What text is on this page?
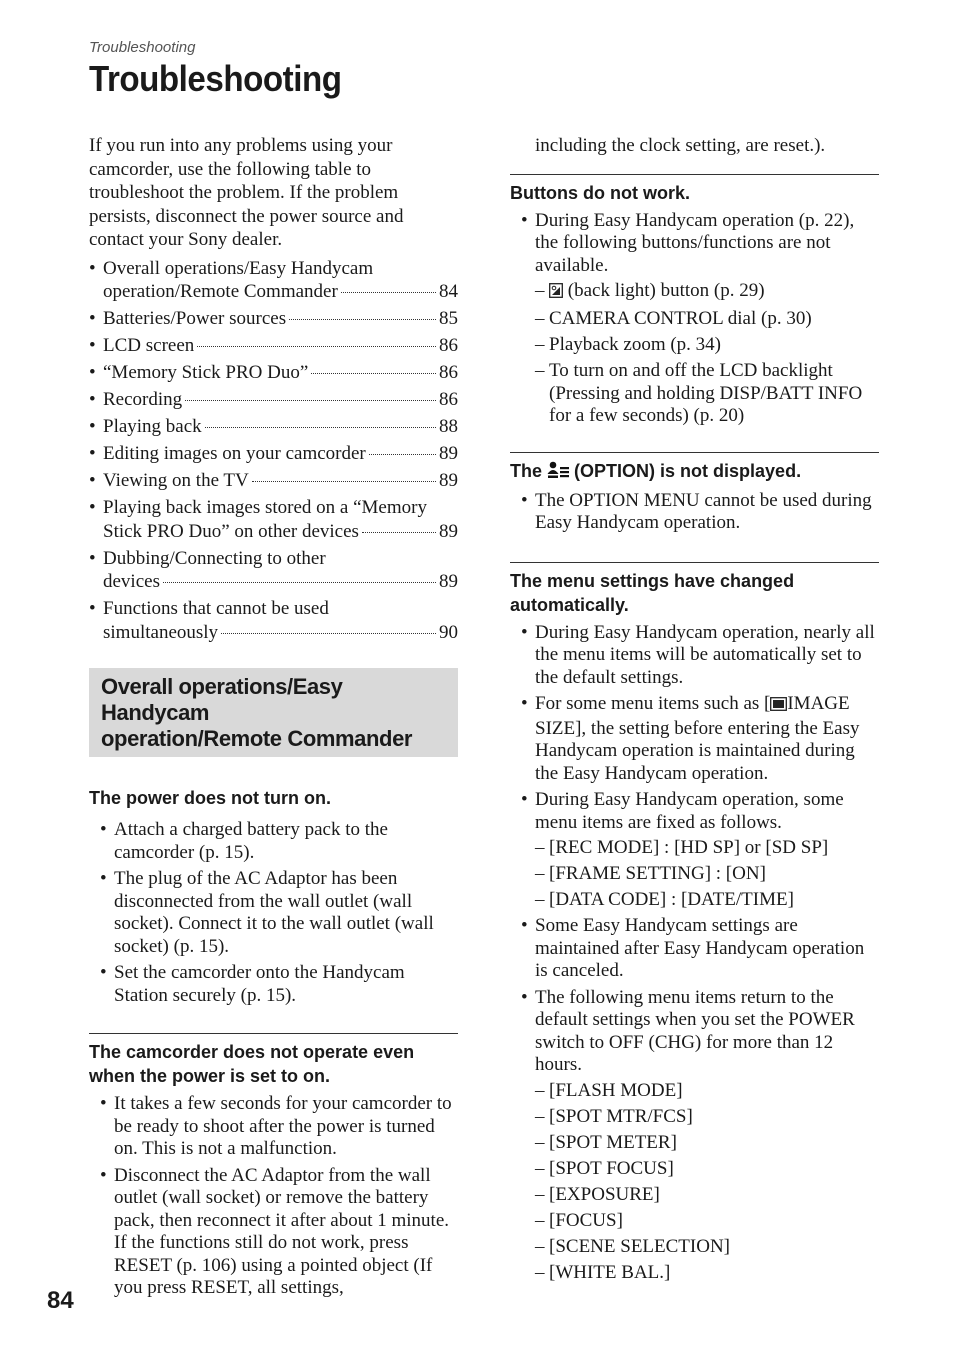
Troubleshooting
Troubleshooting

If you run into any problems using your camcorder, use the following table to troubleshoot the problem. If the problem persists, disconnect the power source and contact your Sony dealer.

• Overall operations/Easy Handycam
operation/Remote Commander	84
• Batteries/Power sources	85
• LCD screen	86
• “Memory Stick PRO Duo”	86
• Recording	86
• Playing back	88
• Editing images on your camcorder	89
• Viewing on the TV	89
• Playing back images stored on a “Memory
Stick PRO Duo” on other devices	89
• Dubbing/Connecting to other
devices	89
• Functions that cannot be used
simultaneously	90
Overall operations/Easy Handycam
operation/Remote Commander

The power does not turn on.

• Attach a charged battery pack to the camcorder (p. 15).
• The plug of the AC Adaptor has been disconnected from the wall outlet (wall socket). Connect it to the wall outlet (wall socket) (p. 15).
• Set the camcorder onto the Handycam Station securely (p. 15).

The camcorder does not operate even when the power is set to on.

• It takes a few seconds for your camcorder to be ready to shoot after the power is turned on. This is not a malfunction.
• Disconnect the AC Adaptor from the wall outlet (wall socket) or remove the battery pack, then reconnect it after about 1 minute. If the functions still do not work, press RESET (p. 106) using a pointed object (If you press RESET, all settings,
including the clock setting, are reset.).

Buttons do not work.

• During Easy Handycam operation (p. 22), the following buttons/functions are not available.
– (back light) button (p. 29)
– CAMERA CONTROL dial (p. 30)
– Playback zoom (p. 34)
– To turn on and off the LCD backlight (Pressing and holding DISP/BATT INFO for a few seconds) (p. 20)

The (OPTION) is not displayed.

• The OPTION MENU cannot be used during Easy Handycam operation.

The menu settings have changed automatically.

• During Easy Handycam operation, nearly all the menu items will be automatically set to the default settings.
• For some menu items such as [ IMAGE SIZE], the setting before entering the Easy Handycam operation is maintained during the Easy Handycam operation.
• During Easy Handycam operation, some menu items are fixed as follows.
– [REC MODE] : [HD SP] or [SD SP]
– [FRAME SETTING] : [ON]
– [DATA CODE] : [DATE/TIME]
• Some Easy Handycam settings are maintained after Easy Handycam operation is canceled.
• The following menu items return to the default settings when you set the POWER switch to OFF (CHG) for more than 12 hours.
– [FLASH MODE]
– [SPOT MTR/FCS]
– [SPOT METER]
– [SPOT FOCUS]
– [EXPOSURE]
– [FOCUS]
– [SCENE SELECTION]
– [WHITE BAL.]
84
